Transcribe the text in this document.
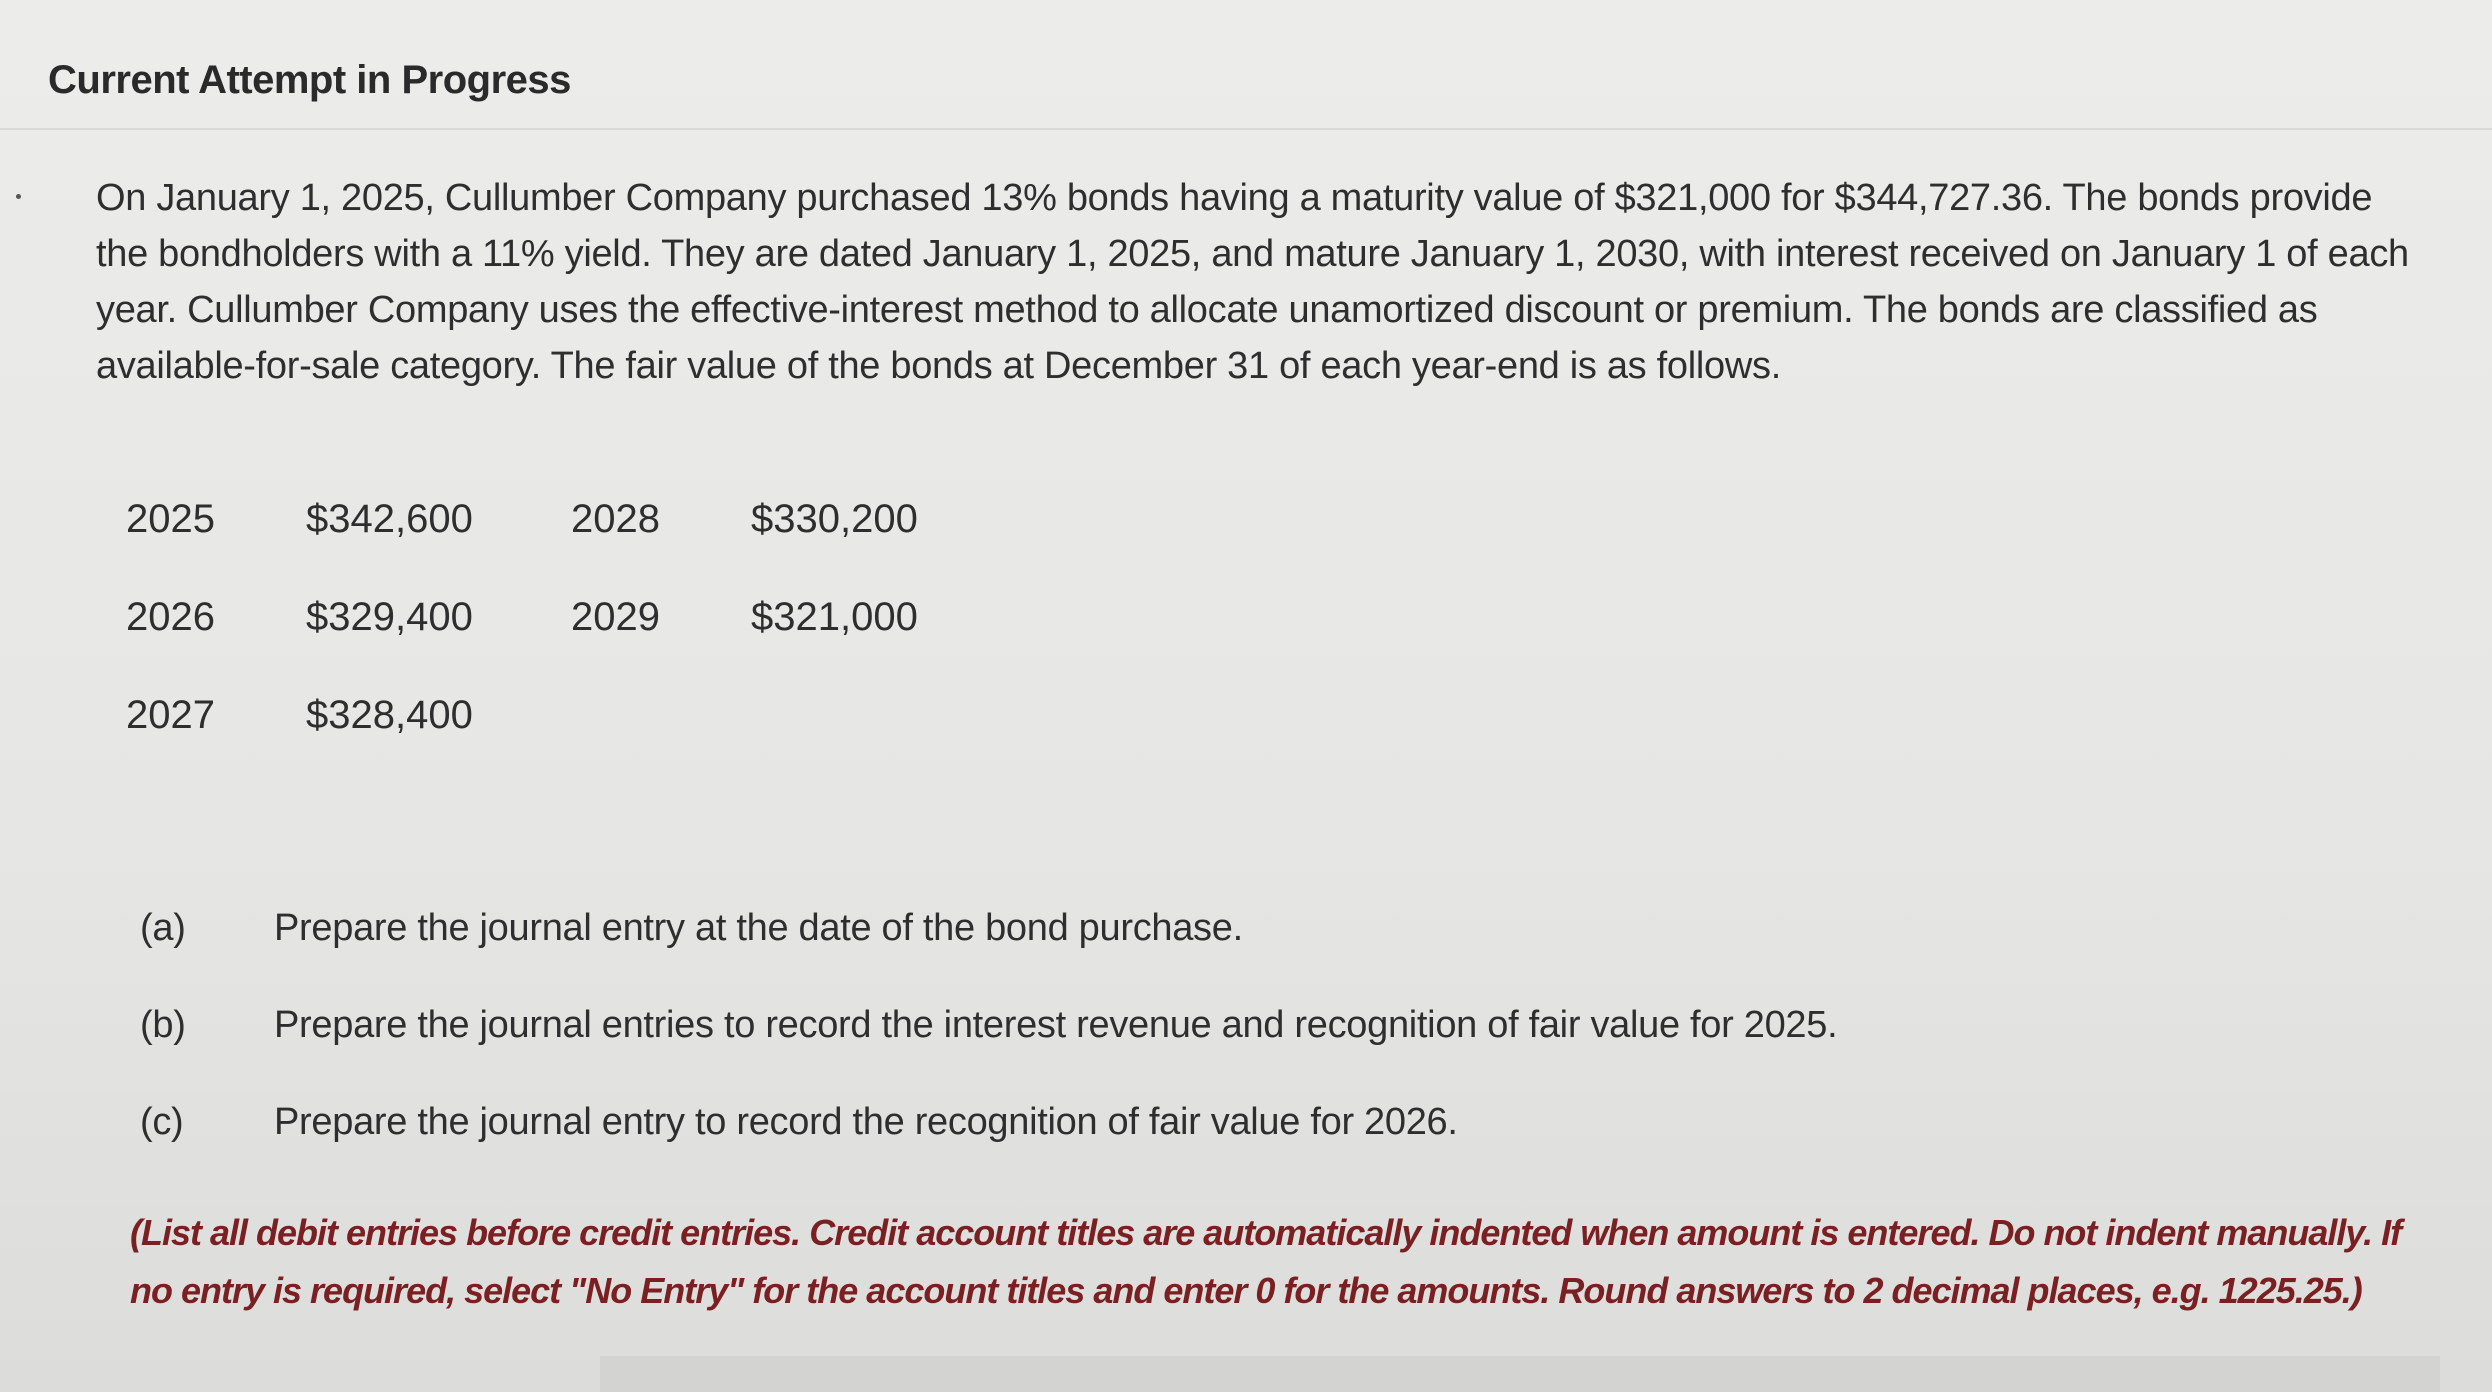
Current Attempt in Progress
On January 1, 2025, Cullumber Company purchased 13% bonds having a maturity value of $321,000 for $344,727.36. The bonds provide the bondholders with a 11% yield. They are dated January 1, 2025, and mature January 1, 2030, with interest received on January 1 of each year. Cullumber Company uses the effective-interest method to allocate unamortized discount or premium. The bonds are classified as available-for-sale category. The fair value of the bonds at December 31 of each year-end is as follows.
2025	$342,600	2028	$330,200
2026	$329,400	2029	$321,000
2027	$328,400
(a)	Prepare the journal entry at the date of the bond purchase.
(b)	Prepare the journal entries to record the interest revenue and recognition of fair value for 2025.
(c)	Prepare the journal entry to record the recognition of fair value for 2026.
(List all debit entries before credit entries. Credit account titles are automatically indented when amount is entered. Do not indent manually. If no entry is required, select "No Entry" for the account titles and enter 0 for the amounts. Round answers to 2 decimal places, e.g. 1225.25.)
